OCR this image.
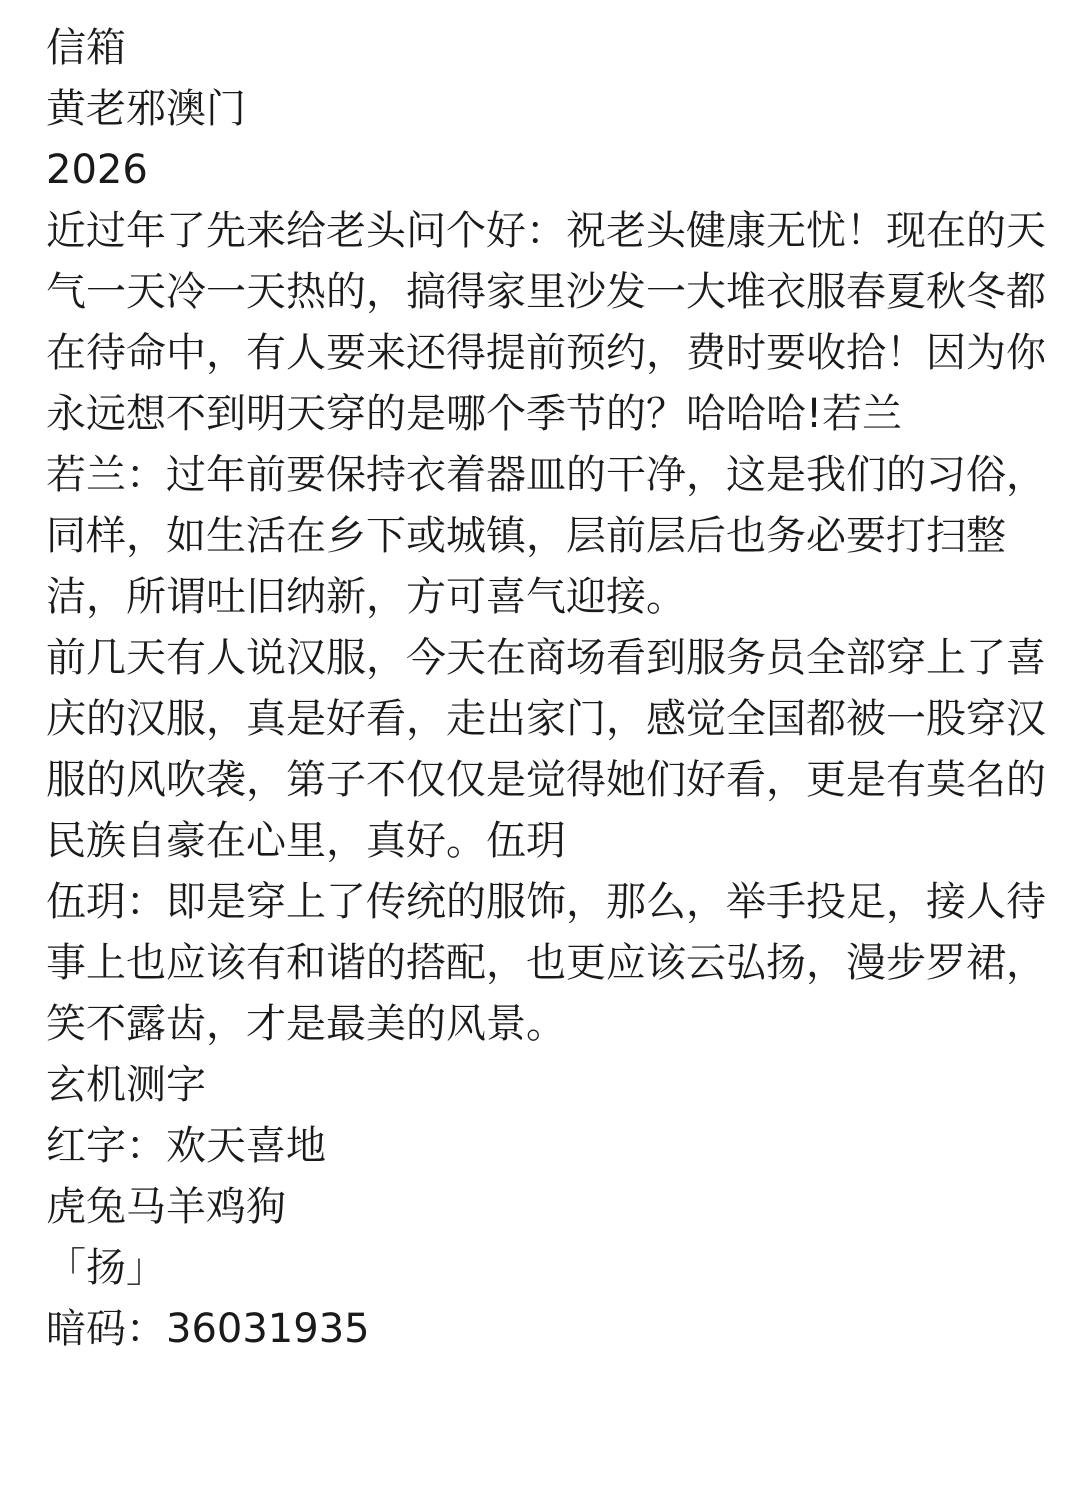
信箱
黄老邪澳门
2026
近过年了先来给老头问个好：祝老头健康无忧！现在的天气一天冷一天热的，搞得家里沙发一大堆衣服春夏秋冬都在待命中，有人要来还得提前预约，费时要收拾！因为你永远想不到明天穿的是哪个季节的？哈哈哈!若兰
若兰：过年前要保持衣着器皿的干净，这是我们的习俗，同样，如生活在乡下或城镇，层前层后也务必要打扫整洁，所谓吐旧纳新，方可喜气迎接。
前几天有人说汉服，今天在商场看到服务员全部穿上了喜庆的汉服，真是好看，走出家门，感觉全国都被一股穿汉服的风吹袭，第子不仅仅是觉得她们好看，更是有莫名的民族自豪在心里，真好。伍玥
伍玥：即是穿上了传统的服饰，那么，举手投足，接人待事上也应该有和谐的搭配，也更应该云弘扬，漫步罗裙，笑不露齿，才是最美的风景。
玄机测字
红字：欢天喜地
虎兔马羊鸡狗
「扬」
暗码：36031935
